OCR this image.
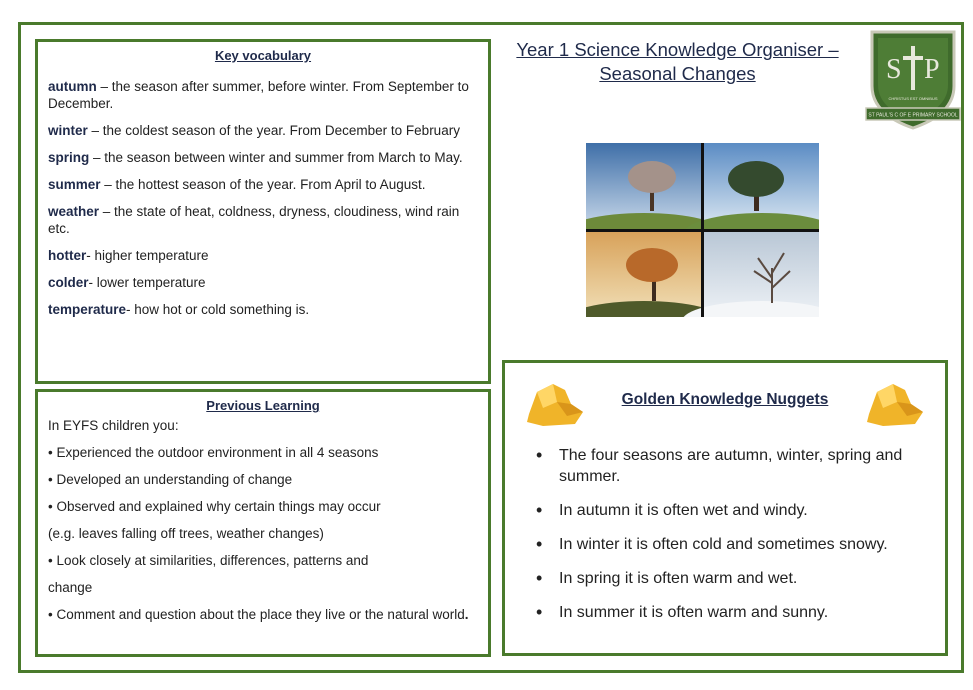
Key vocabulary
autumn – the season after summer, before winter. From September to December.
winter – the coldest season of the year. From December to February
spring – the season between winter and summer from March to May.
summer – the hottest season of the year. From April to August.
weather – the state of heat, coldness, dryness, cloudiness, wind rain etc.
hotter- higher temperature
colder- lower temperature
temperature- how hot or cold something is.
Previous Learning
In EYFS children you:
• Experienced the outdoor environment in all 4 seasons
• Developed an understanding of change
• Observed and explained why certain things may occur
(e.g. leaves falling off trees, weather changes)
• Look closely at similarities, differences, patterns and
change
• Comment and question about the place they live or the natural world.
Year 1 Science Knowledge Organiser –
Seasonal Changes	S P
CHRISTUS EST OMNIBUS
ST PAUL'S C OF E PRIMARY SCHOOL
Golden Knowledge Nuggets
• The four seasons are autumn, winter, spring and summer.
• In autumn it is often wet and windy.
• In winter it is often cold and sometimes snowy.
• In spring it is often warm and wet.
• In summer it is often warm and sunny.
